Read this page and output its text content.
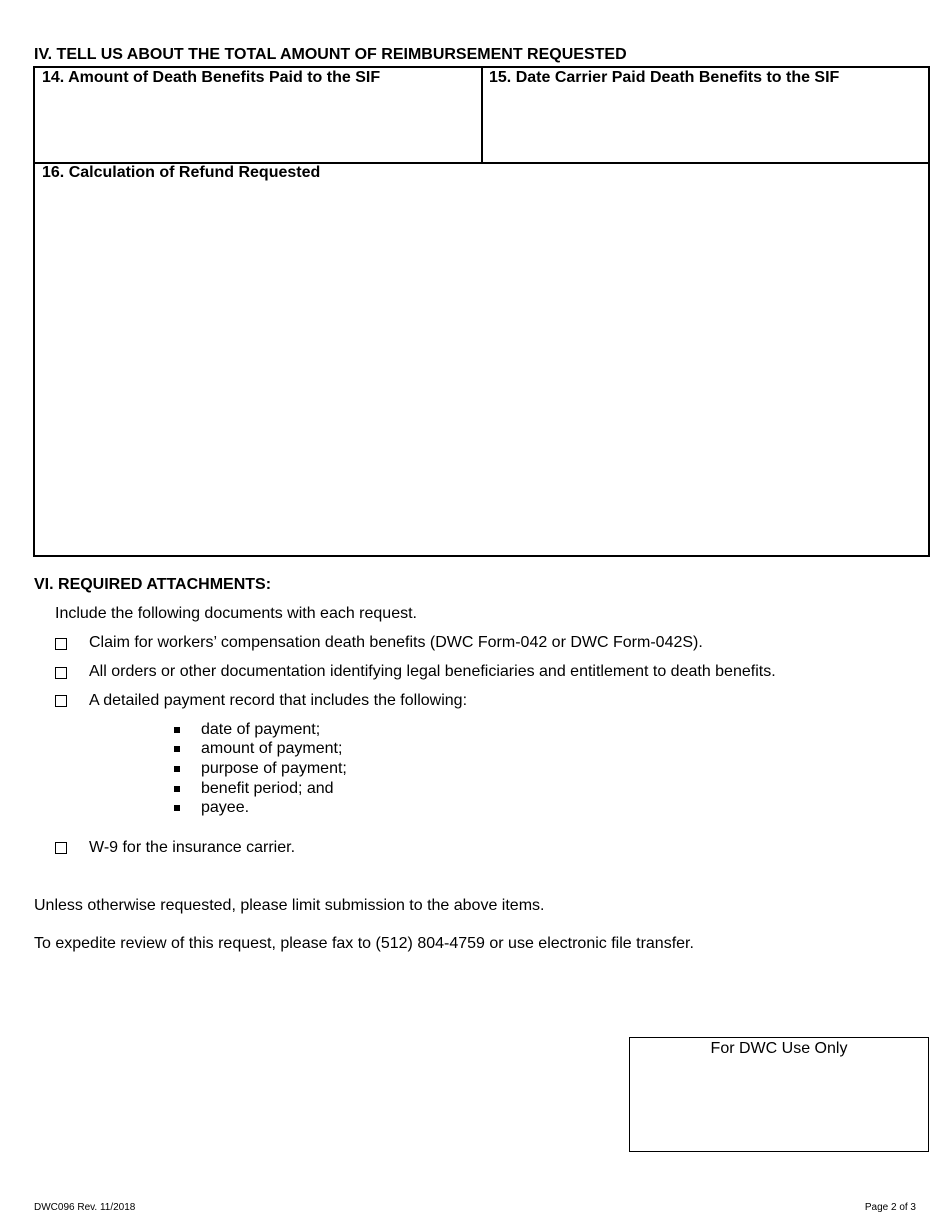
IV. TELL US ABOUT THE TOTAL AMOUNT OF REIMBURSEMENT REQUESTED
14. Amount of Death Benefits Paid to the SIF	15. Date Carrier Paid Death Benefits to the SIF
16. Calculation of Refund Requested
VI. REQUIRED ATTACHMENTS:
Include the following documents with each request.
Claim for workers’ compensation death benefits (DWC Form-042 or DWC Form-042S).
All orders or other documentation identifying legal beneficiaries and entitlement to death benefits.
A detailed payment record that includes the following:
date of payment;
amount of payment;
purpose of payment;
benefit period; and
payee.
W-9 for the insurance carrier.
Unless otherwise requested, please limit submission to the above items.
To expedite review of this request, please fax to (512) 804-4759 or use electronic file transfer.
For DWC Use Only
DWC096 Rev. 11/2018	Page 2 of 3
